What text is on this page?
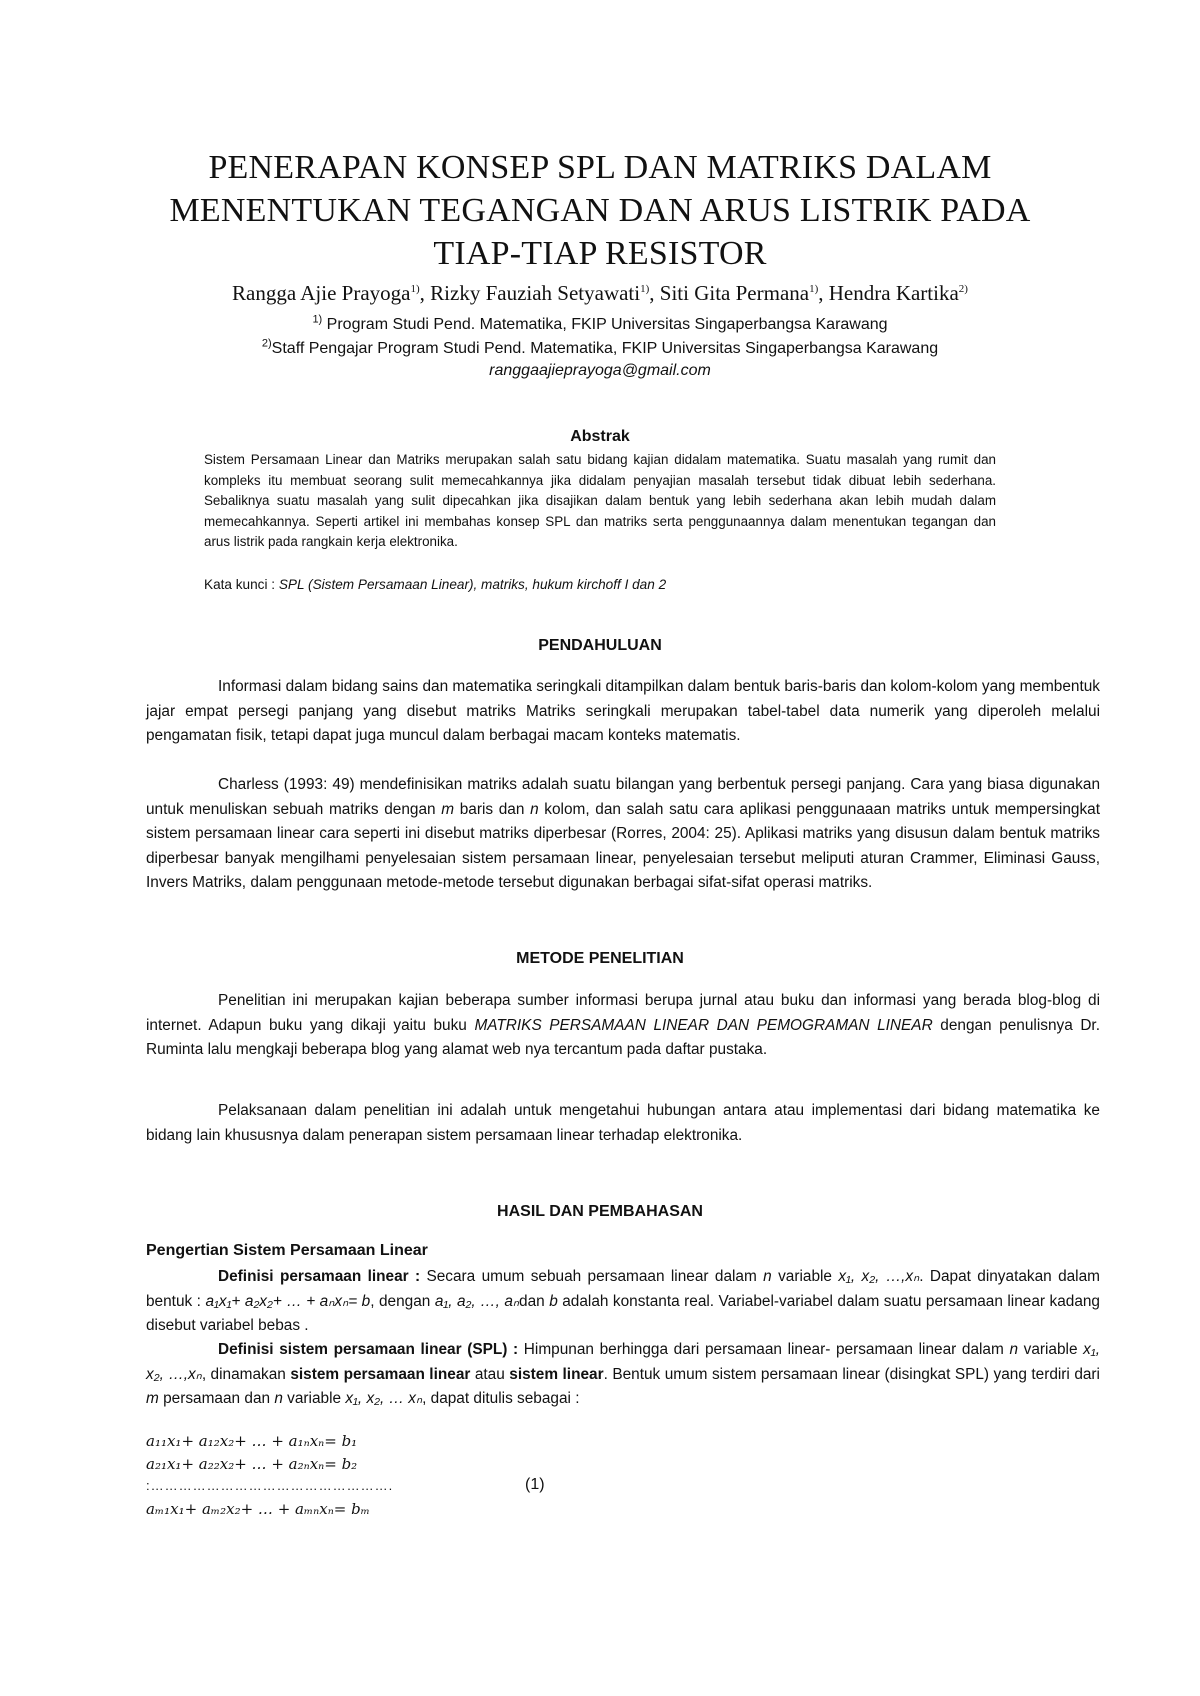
PENERAPAN KONSEP SPL DAN MATRIKS DALAM
MENENTUKAN TEGANGAN DAN ARUS LISTRIK PADA
TIAP-TIAP RESISTOR
Rangga Ajie Prayoga$^{1)}$, Rizky Fauziah Setyawati$^{1)}$, Siti Gita Permana$^{1)}$, Hendra Kartika$^{2)}$
$^{1)}$ Program Studi Pend. Matematika, FKIP Universitas Singaperbangsa Karawang
$^{2)}$Staff Pengajar Program Studi Pend. Matematika, FKIP Universitas Singaperbangsa Karawang
ranggaajieprayoga@gmail.com
Abstrak
Sistem Persamaan Linear dan Matriks merupakan salah satu bidang kajian didalam matematika. Suatu masalah yang rumit dan kompleks itu membuat seorang sulit memecahkannya jika didalam penyajian masalah tersebut tidak dibuat lebih sederhana. Sebaliknya suatu masalah yang sulit dipecahkan jika disajikan dalam bentuk yang lebih sederhana akan lebih mudah dalam memecahkannya. Seperti artikel ini membahas konsep SPL dan matriks serta penggunaannya dalam menentukan tegangan dan arus listrik pada rangkain kerja elektronika.
Kata kunci : SPL (Sistem Persamaan Linear), matriks, hukum kirchoff I dan 2
PENDAHULUAN
Informasi dalam bidang sains dan matematika seringkali ditampilkan dalam bentuk baris-baris dan kolom-kolom yang membentuk jajar empat persegi panjang yang disebut matriks Matriks seringkali merupakan tabel-tabel data numerik yang diperoleh melalui pengamatan fisik, tetapi dapat juga muncul dalam berbagai macam konteks matematis.
Charless (1993: 49) mendefinisikan matriks adalah suatu bilangan yang berbentuk persegi panjang. Cara yang biasa digunakan untuk menuliskan sebuah matriks dengan m baris dan n kolom, dan salah satu cara aplikasi penggunaaan matriks untuk mempersingkat sistem persamaan linear cara seperti ini disebut matriks diperbesar (Rorres, 2004: 25). Aplikasi matriks yang disusun dalam bentuk matriks diperbesar banyak mengilhami penyelesaian sistem persamaan linear, penyelesaian tersebut meliputi aturan Crammer, Eliminasi Gauss, Invers Matriks, dalam penggunaan metode-metode tersebut digunakan berbagai sifat-sifat operasi matriks.
METODE PENELITIAN
Penelitian ini merupakan kajian beberapa sumber informasi berupa jurnal atau buku dan informasi yang berada blog-blog di internet. Adapun buku yang dikaji yaitu buku MATRIKS PERSAMAAN LINEAR DAN PEMOGRAMAN LINEAR dengan penulisnya Dr. Ruminta lalu mengkaji beberapa blog yang alamat web nya tercantum pada daftar pustaka.
Pelaksanaan dalam penelitian ini adalah untuk mengetahui hubungan antara atau implementasi dari bidang matematika ke bidang lain khususnya dalam penerapan sistem persamaan linear terhadap elektronika.
HASIL DAN PEMBAHASAN
Pengertian Sistem Persamaan Linear
Definisi persamaan linear : Secara umum sebuah persamaan linear dalam n variable x₁, x₂, …,xₙ. Dapat dinyatakan dalam bentuk : a₁x₁+ a₂x₂+ … + aₙxₙ= b, dengan a₁, a₂, …, aₙdan b adalah konstanta real. Variabel-variabel dalam suatu persamaan linear kadang disebut variabel bebas .
Definisi sistem persamaan linear (SPL) : Himpunan berhingga dari persamaan linear- persamaan linear dalam n variable x₁, x₂, …,xₙ, dinamakan sistem persamaan linear atau sistem linear. Bentuk umum sistem persamaan linear (disingkat SPL) yang terdiri dari m persamaan dan n variable x₁, x₂, … xₙ, dapat ditulis sebagai :
a₁₁x₁+ a₁₂x₂+ … + a₁ₙxₙ= b₁
a₂₁x₁+ a₂₂x₂+ … + a₂ₙxₙ= b₂
:…………………………………………….	(1)
aₘ₁x₁+ aₘ₂x₂+ … + aₘₙxₙ= bₘ
